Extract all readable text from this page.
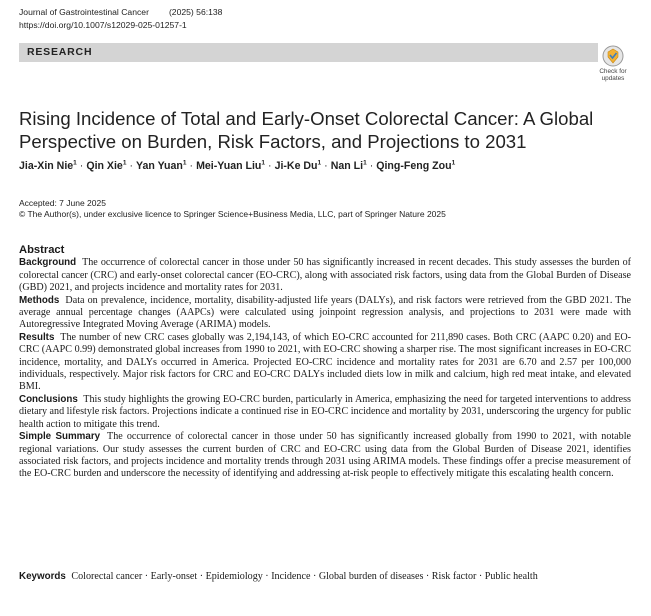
Journal of Gastrointestinal Cancer (2025) 56:138
https://doi.org/10.1007/s12029-025-01257-1
RESEARCH
Check for
updates
Rising Incidence of Total and Early-Onset Colorectal Cancer: A Global Perspective on Burden, Risk Factors, and Projections to 2031
Jia-Xin Nie$^1$ · Qin Xie$^1$ · Yan Yuan$^1$ · Mei-Yuan Liu$^1$ · Ji-Ke $Du^1$ · Nan $Li^1$ · Qing-Feng Zou$^1$
Accepted: 7 June 2025
© The Author(s), under exclusive licence to Springer Science+Business Media, LLC, part of Springer Nature 2025
Abstract

Background The occurrence of colorectal cancer in those under 50 has significantly increased in recent decades. This study assesses the burden of colorectal cancer (CRC) and early-onset colorectal cancer (EO-CRC), along with associated risk factors, using data from the Global Burden of Disease (GBD) 2021, and projects incidence and mortality rates for 2031.

Methods Data on prevalence, incidence, mortality, disability-adjusted life years (DALYs), and risk factors were retrieved from the GBD 2021. The average annual percentage changes (AAPCs) were calculated using joinpoint regression analysis, and projections to 2031 were made with Autoregressive Integrated Moving Average (ARIMA) models.

Results The number of new CRC cases globally was 2,194,143, of which EO-CRC accounted for 211,890 cases. Both CRC (AAPC 0.20) and EO-CRC (AAPC 0.99) demonstrated global increases from 1990 to 2021, with EO-CRC showing a sharper rise. The most significant increases in EO-CRC incidence, mortality, and DALYs occurred in America. Projected EO-CRC incidence and mortality rates for 2031 are 6.70 and 2.57 per 100,000 individuals, respectively. Major risk factors for CRC and EO-CRC DALYs included diets low in milk and calcium, high red meat intake, and elevated BMI.

Conclusions This study highlights the growing EO-CRC burden, particularly in America, emphasizing the need for targeted interventions to address dietary and lifestyle risk factors. Projections indicate a continued rise in EO-CRC incidence and mortality by 2031, underscoring the urgency for public health action to mitigate this trend.

Simple Summary The occurrence of colorectal cancer in those under 50 has significantly increased globally from 1990 to 2021, with notable regional variations. Our study assesses the current burden of CRC and EO-CRC using data from the Global Burden of Disease 2021, identifies associated risk factors, and projects incidence and mortality trends through 2031 using ARIMA models. These findings offer a precise measurement of the EO-CRC burden and underscore the necessity of identifying and addressing at-risk people to effectively mitigate this escalating health concern.

Keywords Colorectal cancer · Early-onset · Epidemiology · Incidence · Global burden of diseases · Risk factor · Public health
